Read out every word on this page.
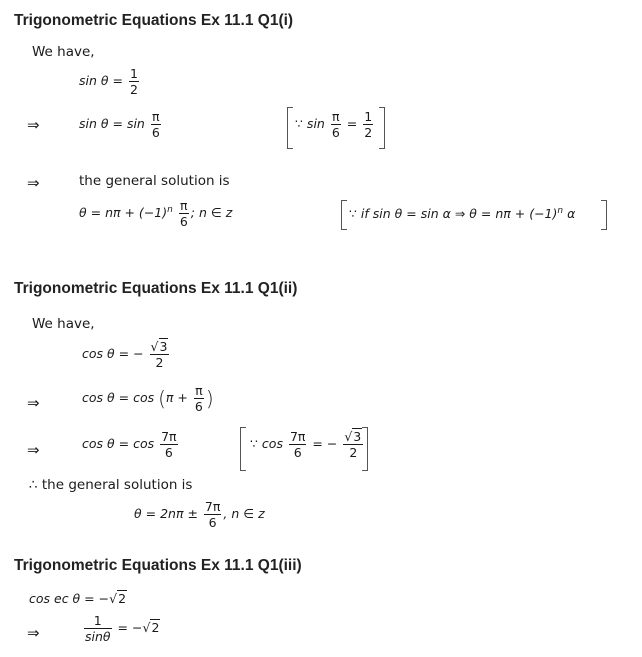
Trigonometric Equations Ex 11.1 Q1(i)
We have,
$\sin \theta = \frac{1}{2}$
⇒	$\sin \theta = \sin \frac{\pi}{6}$	∵ $\sin \frac{\pi}{6} = \frac{1}{2}$
⇒	the general solution is
$\theta = n\pi + (-1)^n \frac{\pi}{6}$ ; n ∈ z	∵ if sin θ = sin α ⇒ $\theta = n\pi + (-1)^n$ α
Trigonometric Equations Ex 11.1 Q1(ii)
We have,
cos θ = − $\frac{√3}{2}$
⇒	$\cos \theta = \cos (\pi + \frac{\pi}{6}$ )
⇒	$\cos \theta = \cos \frac{7\pi}{6}$	∵ $\cos \frac{7\pi}{6}$ = − $\frac{√3}{2}$
∴ the general solution is
$\theta = 2n\pi \pm \frac{7\pi}{6}$ , n ∈ z
Trigonometric Equations Ex 11.1 Q1(iii)
cos ec θ = −√2
⇒	$\frac{1}{\sin\theta} = -√2$
